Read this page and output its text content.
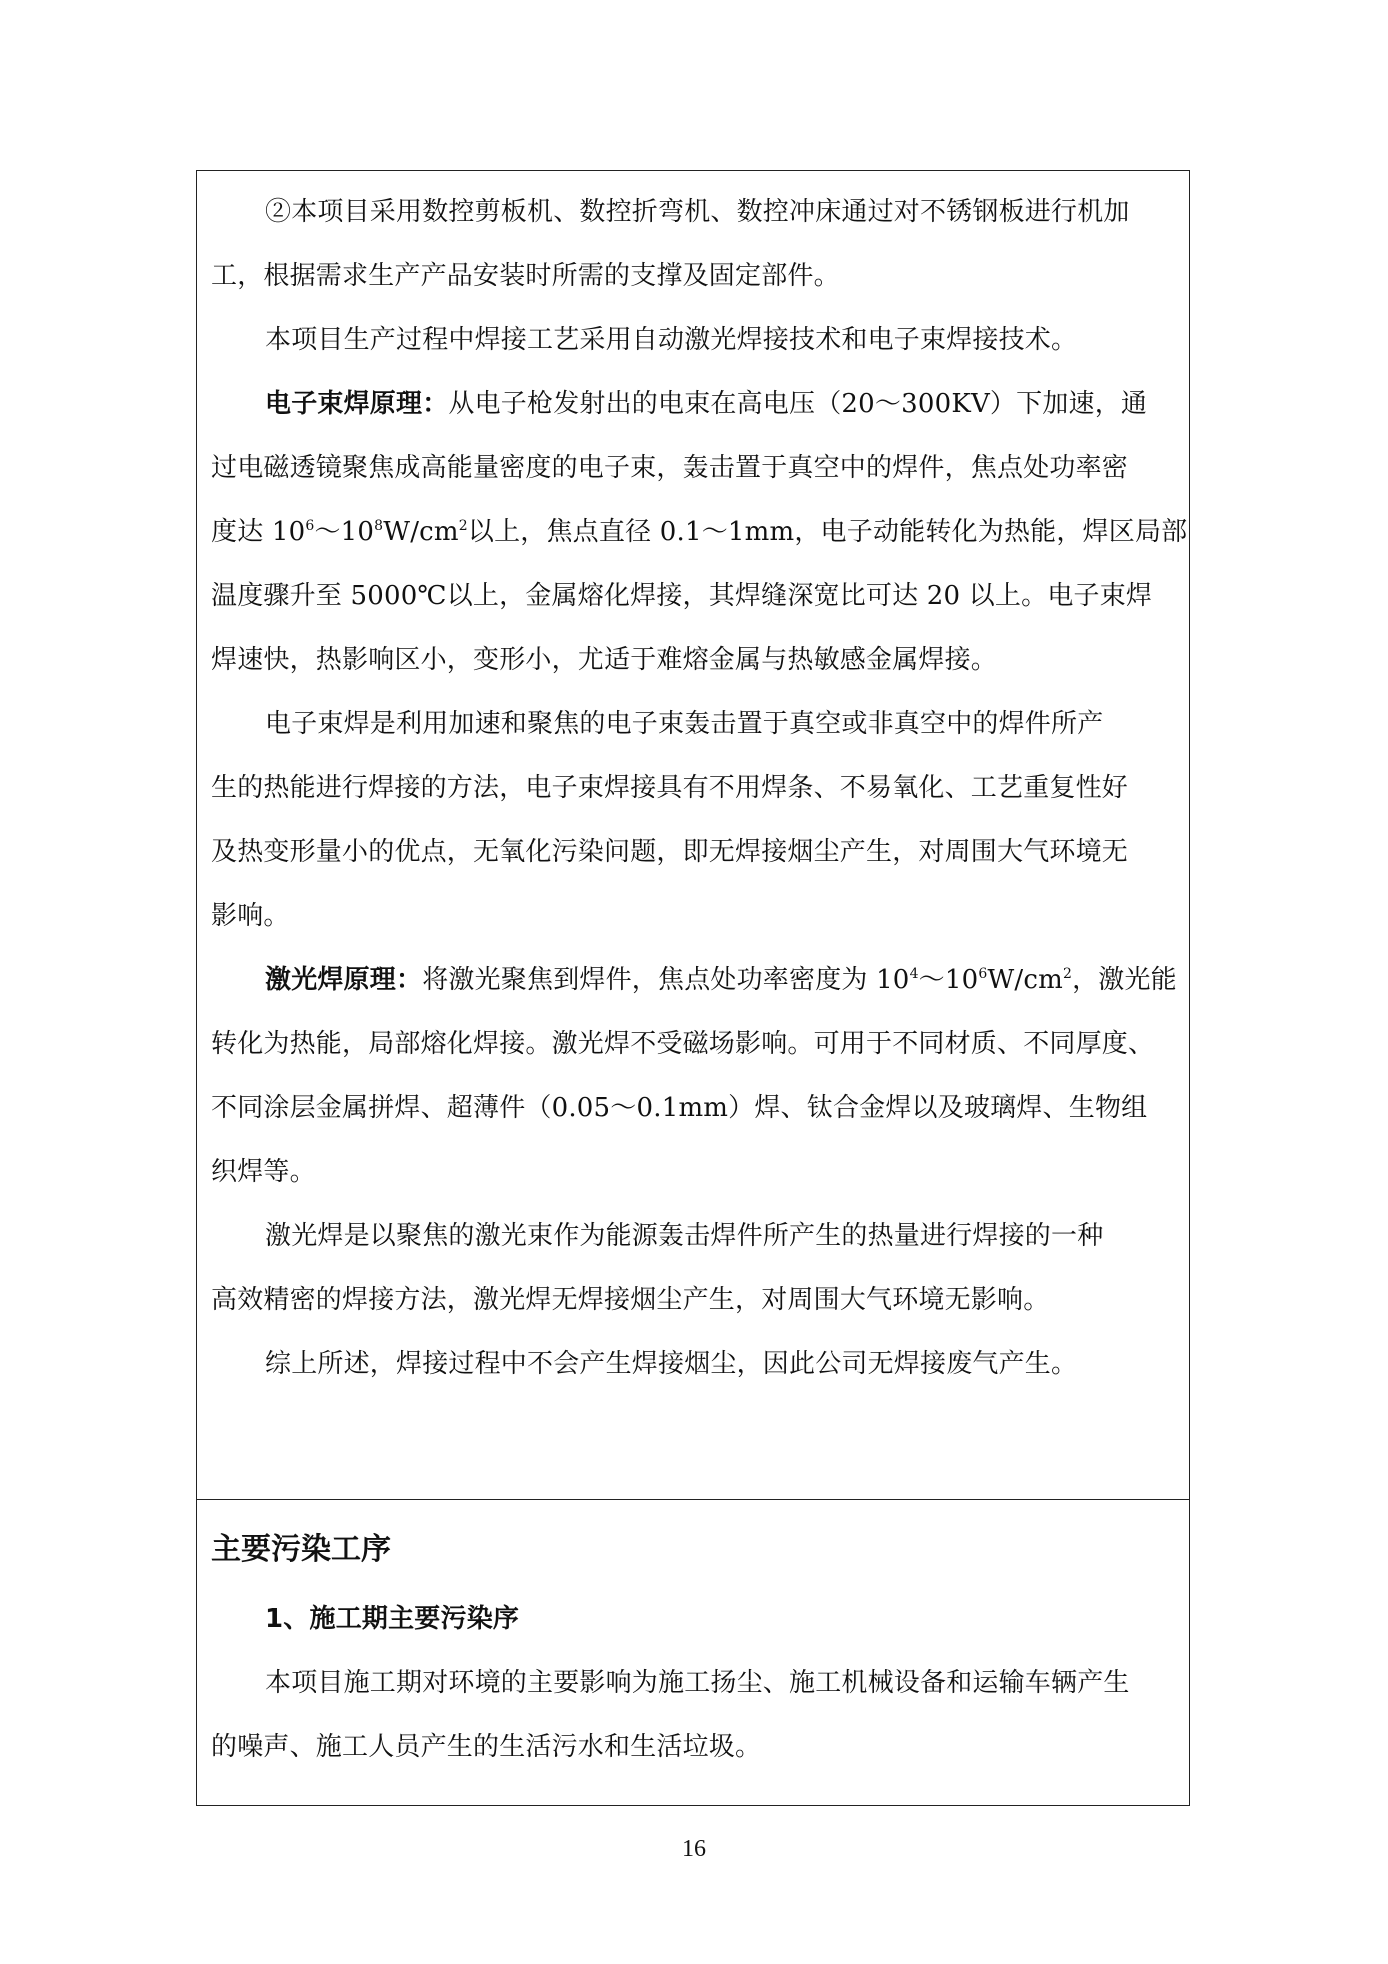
②本项目采用数控剪板机、数控折弯机、数控冲床通过对不锈钢板进行机加
工，根据需求生产产品安装时所需的支撑及固定部件。
本项目生产过程中焊接工艺采用自动激光焊接技术和电子束焊接技术。
电子束焊原理：从电子枪发射出的电束在高电压（20～300KV）下加速，通
过电磁透镜聚焦成高能量密度的电子束，轰击置于真空中的焊件，焦点处功率密
度达 $10^6\sim 10^8W/cm^2$以上，焦点直径 0.1～1mm，电子动能转化为热能，焊区局部
温度骤升至 5000℃以上，金属熔化焊接，其焊缝深宽比可达 20 以上。电子束焊
焊速快，热影响区小，变形小，尤适于难熔金属与热敏感金属焊接。
电子束焊是利用加速和聚焦的电子束轰击置于真空或非真空中的焊件所产
生的热能进行焊接的方法，电子束焊接具有不用焊条、不易氧化、工艺重复性好
及热变形量小的优点，无氧化污染问题，即无焊接烟尘产生，对周围大气环境无
影响。
激光焊原理：将激光聚焦到焊件，焦点处功率密度为 $10^4\sim 10^6W/cm^2$，激光能
转化为热能，局部熔化焊接。激光焊不受磁场影响。可用于不同材质、不同厚度、
不同涂层金属拼焊、超薄件（0.05～0.1mm）焊、钛合金焊以及玻璃焊、生物组
织焊等。
激光焊是以聚焦的激光束作为能源轰击焊件所产生的热量进行焊接的一种
高效精密的焊接方法，激光焊无焊接烟尘产生，对周围大气环境无影响。
综上所述，焊接过程中不会产生焊接烟尘，因此公司无焊接废气产生。
主要污染工序
1、施工期主要污染序
本项目施工期对环境的主要影响为施工扬尘、施工机械设备和运输车辆产生
的噪声、施工人员产生的生活污水和生活垃圾。
16
